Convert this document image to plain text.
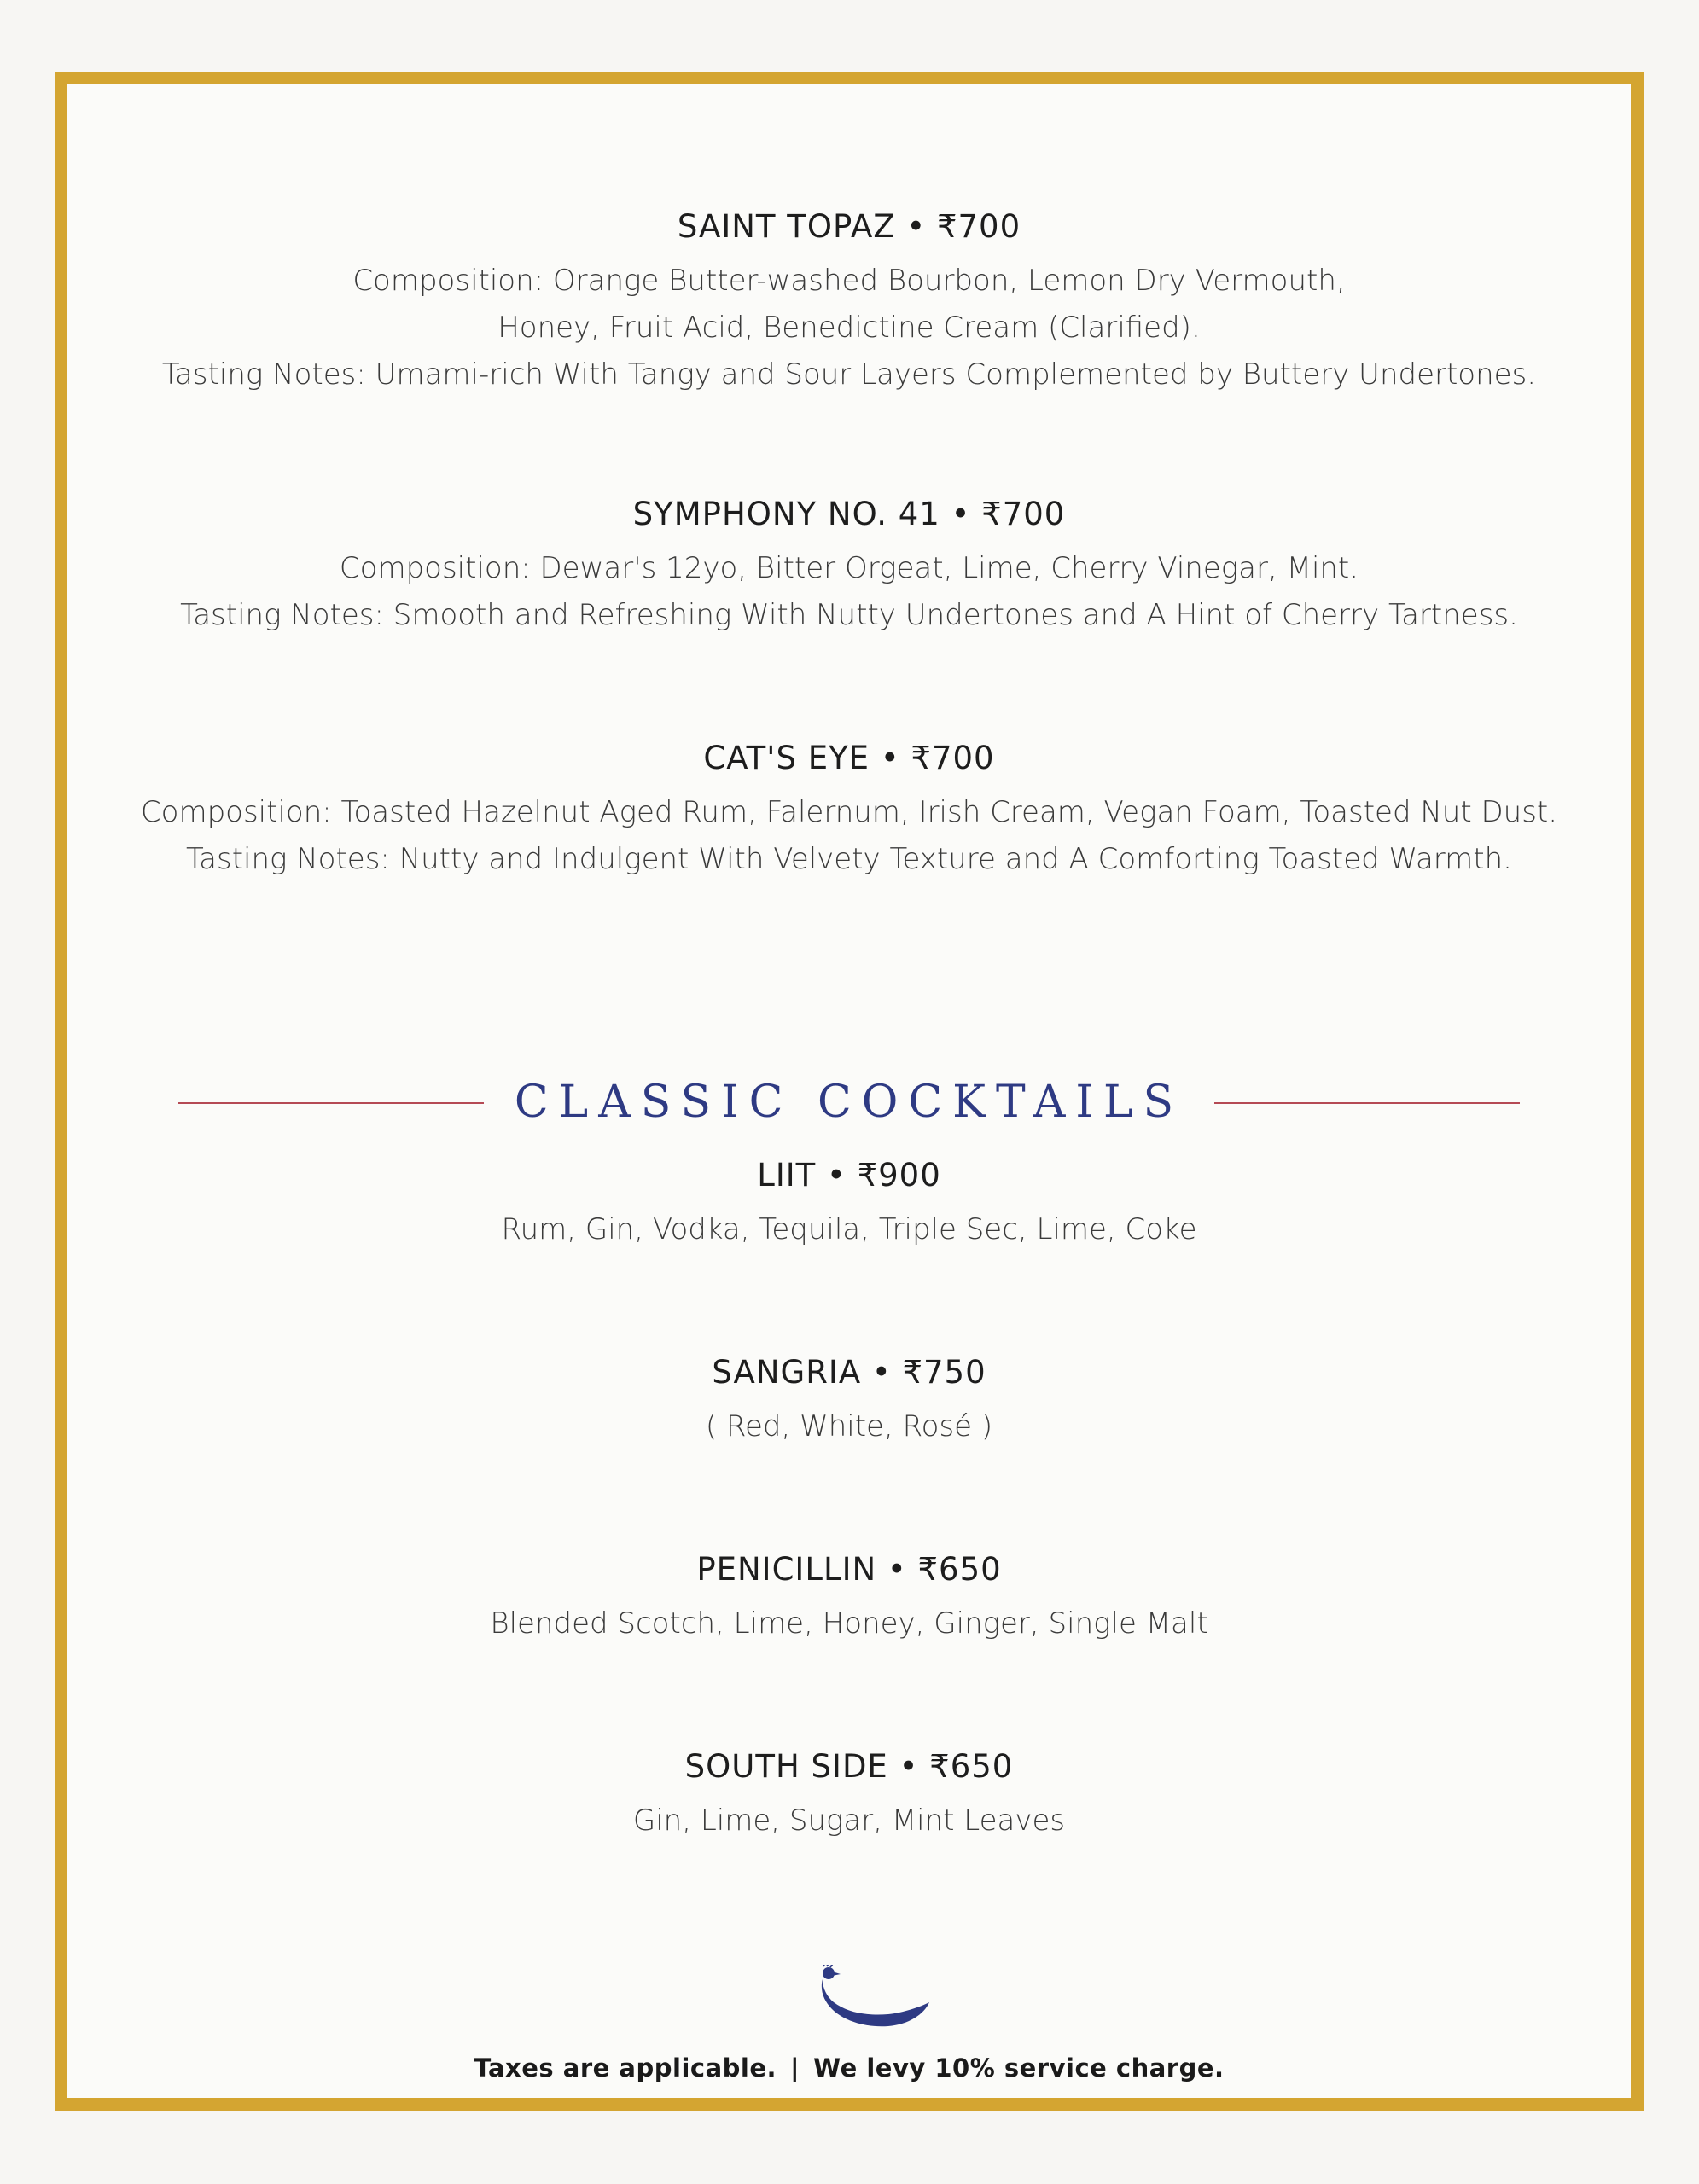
SAINT TOPAZ • ₹700
Composition: Orange Butter-washed Bourbon, Lemon Dry Vermouth,
Honey, Fruit Acid, Benedictine Cream (Clarified).
Tasting Notes: Umami-rich With Tangy and Sour Layers Complemented by Buttery Undertones.
SYMPHONY NO. 41 • ₹700
Composition: Dewar's 12yo, Bitter Orgeat, Lime, Cherry Vinegar, Mint.
Tasting Notes: Smooth and Refreshing With Nutty Undertones and A Hint of Cherry Tartness.
CAT'S EYE • ₹700
Composition: Toasted Hazelnut Aged Rum, Falernum, Irish Cream, Vegan Foam, Toasted Nut Dust.
Tasting Notes: Nutty and Indulgent With Velvety Texture and A Comforting Toasted Warmth.
CLASSIC COCKTAILS
LIIT • ₹900
Rum, Gin, Vodka, Tequila, Triple Sec, Lime, Coke
SANGRIA • ₹750
( Red, White, Rosé )
PENICILLIN • ₹650
Blended Scotch, Lime, Honey, Ginger, Single Malt
SOUTH SIDE • ₹650
Gin, Lime, Sugar, Mint Leaves
Taxes are applicable. | We levy 10% service charge.
